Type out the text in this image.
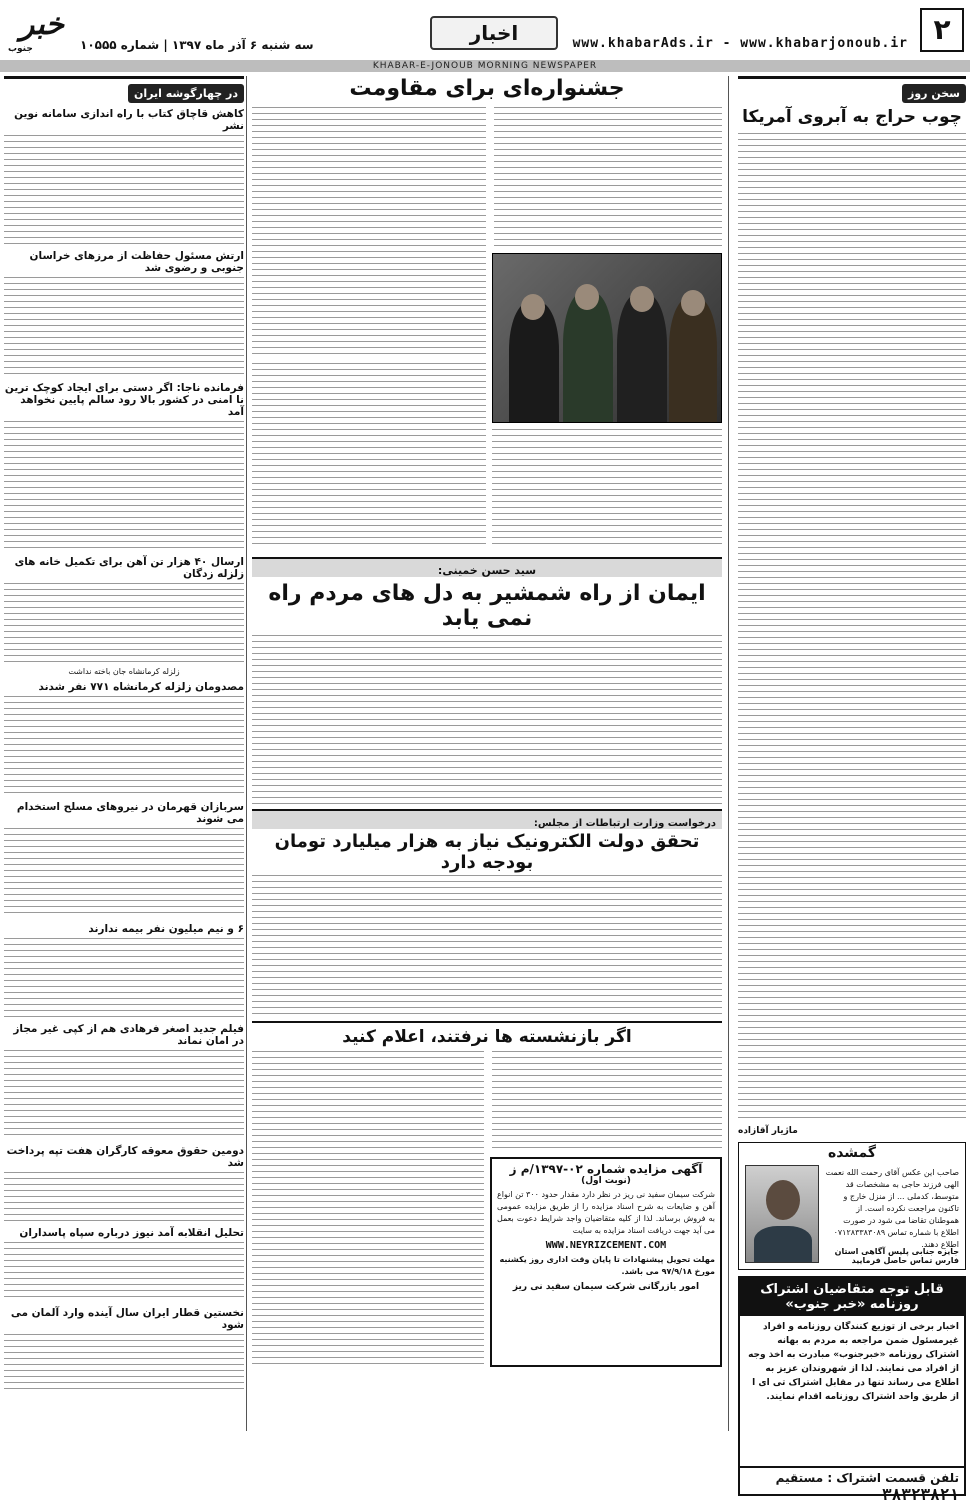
۲
www.khabarAds.ir - www.khabarjonoub.ir
اخبار
سه شنبه ۶ آذر ماه ۱۳۹۷ | شماره ۱۰۵۵۵
خبر
جنوب
KHABAR-E-JONOUB MORNING NEWSPAPER
سخن روز
چوب حراج به آبروی آمریکا
ماژیار آقازاده
گمشده
صاحب این عکس آقای رحمت الله نعمت الهی فرزند حاجی به مشخصات قد متوسط، کدملی ... از منزل خارج و تاکنون مراجعت نکرده است. از هموطنان تقاضا می شود در صورت اطلاع با شماره تماس ۰۷۱۲۸۳۳۸۳۰۸۹ اطلاع دهند.
جایزه جنابی پلیس آگاهی استان فارس تماس حاصل فرمایید
قابل توجه متقاضیان اشتراک روزنامه «خبر جنوب»
اخبار برخی از توزیع کنندگان روزنامه و افراد غیرمسئول ضمن مراجعه به مردم به بهانه اشتراک روزنامه «خبرجنوب» مبادرت به اخذ وجه از افراد می نمایند. لذا از شهروندان عزیز به اطلاع می رساند تنها در مقابل اشتراک تی ای ا از طریق واحد اشتراک روزنامه اقدام نمایند.
تلفن قسمت اشتراک : مستقیم ۳۸۳۲۳۸۲۱
جشنواره‌ای برای مقاومت
سید حسن خمینی:
ایمان از راه شمشیر به دل های مردم راه نمی یابد
درخواست وزارت ارتباطات از مجلس:
تحقق دولت الکترونیک نیاز به هزار میلیارد تومان بودجه دارد
اگر بازنشسته ها نرفتند، اعلام کنید
آگهی مزایده شماره ۰۲-۱۳۹۷/م ز
(نوبت اول)
شرکت سیمان سفید نی ریز در نظر دارد مقدار حدود ۳۰۰ تن انواع آهن و ضایعات به شرح اسناد مزایده را از طریق مزایده عمومی به فروش برساند. لذا از کلیه متقاضیان واجد شرایط دعوت بعمل می آید جهت دریافت اسناد مزایده به سایت
WWW.NEYRIZCEMENT.COM
مهلت تحویل پیشنهادات تا پایان وقت اداری روز یکشنبه مورخ ۹۷/۹/۱۸ می باشد.
امور بازرگانی شرکت سیمان سفید نی ریز
در چهارگوشه ایران
کاهش قاچاق کتاب با راه اندازی سامانه نوین نشر
ارتش مسئول حفاظت از مرزهای خراسان جنوبی و رضوی شد
فرمانده ناجا: اگر دستی برای ایجاد کوچک ترین نا امنی در کشور بالا رود سالم پایین نخواهد آمد
ارسال ۴۰ هزار تن آهن برای تکمیل خانه های زلزله زدگان
زلزله کرمانشاه جان باخته نداشت
مصدومان زلزله کرمانشاه ۷۷۱ نفر شدند
سربازان قهرمان در نیروهای مسلح استخدام می شوند
۶ و نیم میلیون نفر بیمه ندارند
فیلم جدید اصغر فرهادی هم از کپی غیر مجاز در امان نماند
دومین حقوق معوقه کارگران هفت تپه پرداخت شد
تحلیل انقلابه آمد نیوز درباره سپاه پاسداران
نخستین قطار ایران سال آینده وارد آلمان می شود
